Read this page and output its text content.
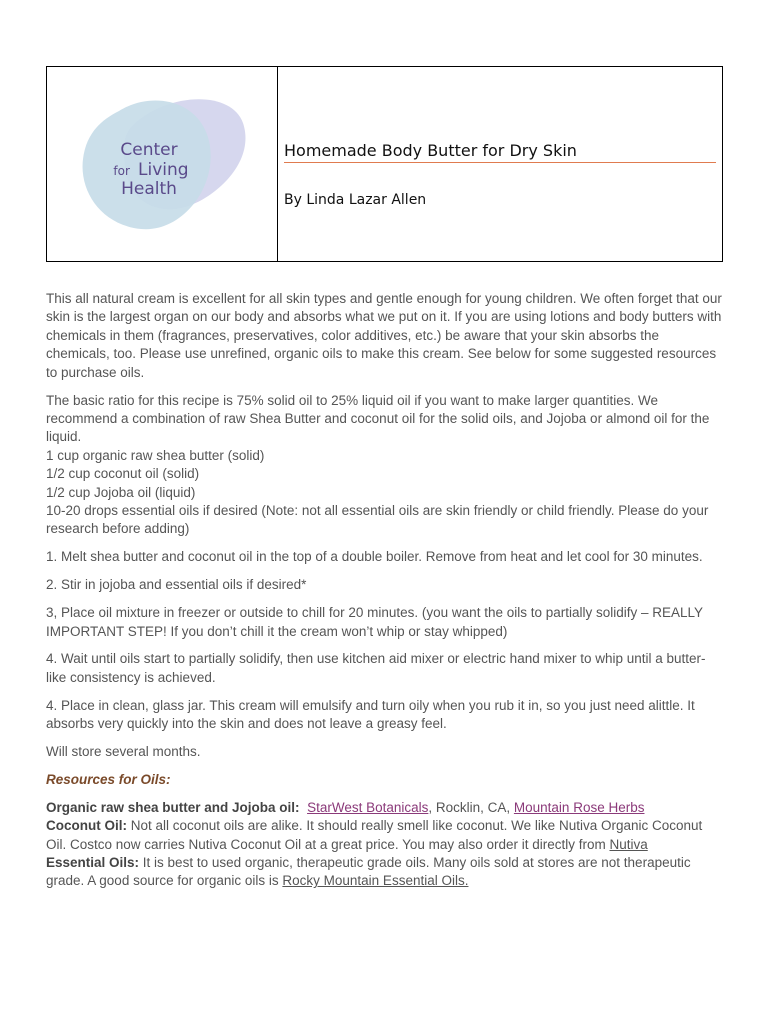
Center
for Living
Health
Homemade Body Butter for Dry Skin
By Linda Lazar Allen

This all natural cream is excellent for all skin types and gentle enough for young children. We often forget that our skin is the largest organ on our body and absorbs what we put on it. If you are using lotions and body butters with chemicals in them (fragrances, preservatives, color additives, etc.) be aware that your skin absorbs the chemicals, too. Please use unrefined, organic oils to make this cream. See below for some suggested resources to purchase oils.

The basic ratio for this recipe is 75% solid oil to 25% liquid oil if you want to make larger quantities. We recommend a combination of raw Shea Butter and coconut oil for the solid oils, and Jojoba or almond oil for the liquid.
1 cup organic raw shea butter (solid)
1/2 cup coconut oil (solid)
1/2 cup Jojoba oil (liquid)
10-20 drops essential oils if desired (Note: not all essential oils are skin friendly or child friendly. Please do your research before adding)

1. Melt shea butter and coconut oil in the top of a double boiler. Remove from heat and let cool for 30 minutes.

2. Stir in jojoba and essential oils if desired*

3, Place oil mixture in freezer or outside to chill for 20 minutes. (you want the oils to partially solidify – REALLY IMPORTANT STEP! If you don’t chill it the cream won’t whip or stay whipped)

4. Wait until oils start to partially solidify, then use kitchen aid mixer or electric hand mixer to whip until a butter-like consistency is achieved.

4. Place in clean, glass jar. This cream will emulsify and turn oily when you rub it in, so you just need alittle. It absorbs very quickly into the skin and does not leave a greasy feel.

Will store several months.

Resources for Oils:

Organic raw shea butter and Jojoba oil: StarWest Botanicals, Rocklin, CA, Mountain Rose Herbs
Coconut Oil: Not all coconut oils are alike. It should really smell like coconut. We like Nutiva Organic Coconut Oil. Costco now carries Nutiva Coconut Oil at a great price. You may also order it directly from Nutiva
Essential Oils: It is best to used organic, therapeutic grade oils. Many oils sold at stores are not therapeutic grade. A good source for organic oils is Rocky Mountain Essential Oils.
